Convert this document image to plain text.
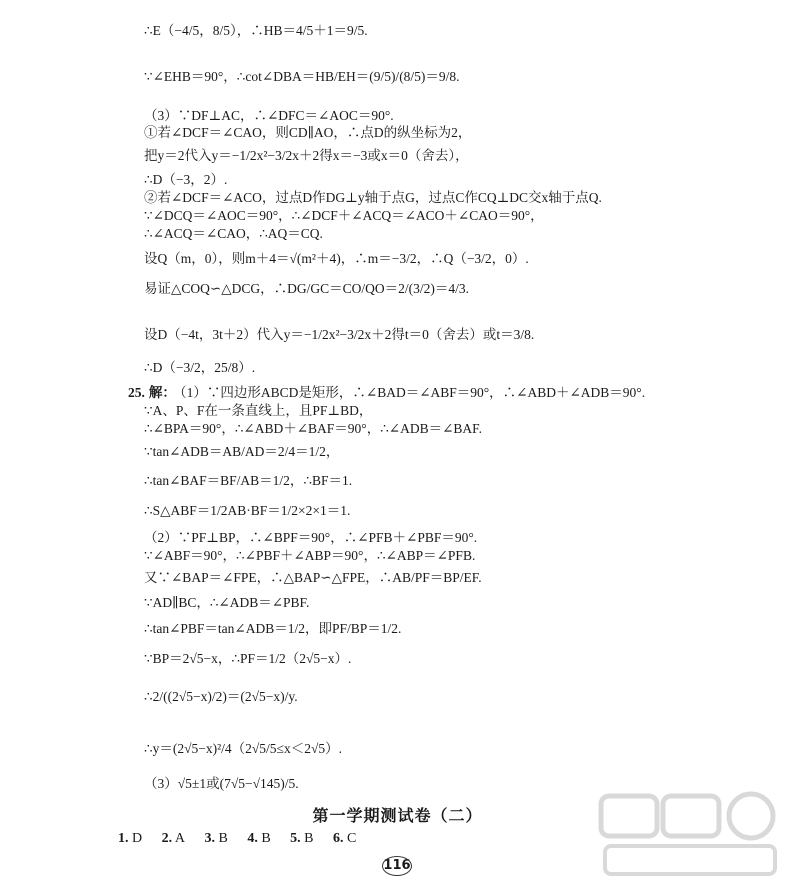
∴E（−4/5，8/5），∴HB＝4/5＋1＝9/5.
∵∠EHB＝90°，∴cot∠DBA＝HB/EH＝(9/5)/(8/5)＝9/8.
（3）∵DF⊥AC，∴∠DFC＝∠AOC＝90°.
①若∠DCF＝∠CAO，则CD∥AO，∴点D的纵坐标为2，
把y＝2代入y＝−1/2x²−3/2x＋2得x＝−3或x＝0（舍去），
∴D（−3，2）.
②若∠DCF＝∠ACO，过点D作DG⊥y轴于点G，过点C作CQ⊥DC交x轴于点Q.
∵∠DCQ＝∠AOC＝90°，∴∠DCF＋∠ACQ＝∠ACO＋∠CAO＝90°，
∴∠ACQ＝∠CAO，∴AQ＝CQ.
设Q（m，0），则m＋4＝√(m²＋4)，∴m＝−3/2，∴Q（−3/2，0）.
易证△COQ∽△DCG，∴DG/GC＝CO/QO＝2/(3/2)＝4/3.
设D（−4t，3t＋2）代入y＝−1/2x²−3/2x＋2得t＝0（舍去）或t＝3/8.
∴D（−3/2，25/8）.
25. 解： （1）∵四边形ABCD是矩形，∴∠BAD＝∠ABF＝90°，∴∠ABD＋∠ADB＝90°.
∵A、P、F在一条直线上，且PF⊥BD，
∴∠BPA＝90°，∴∠ABD＋∠BAF＝90°，∴∠ADB＝∠BAF.
∵tan∠ADB＝AB/AD＝2/4＝1/2，
∴tan∠BAF＝BF/AB＝1/2，∴BF＝1.
∴S△ABF＝1/2AB·BF＝1/2×2×1＝1.
（2）∵PF⊥BP，∴∠BPF＝90°，∴∠PFB＋∠PBF＝90°.
∵∠ABF＝90°，∴∠PBF＋∠ABP＝90°，∴∠ABP＝∠PFB.
又∵∠BAP＝∠FPE，∴△BAP∽△FPE，∴AB/PF＝BP/EF.
∵AD∥BC，∴∠ADB＝∠PBF.
∴tan∠PBF＝tan∠ADB＝1/2，即PF/BP＝1/2.
∵BP＝2√5−x，∴PF＝1/2（2√5−x）.
∴2/((2√5−x)/2)＝(2√5−x)/y.
∴y＝(2√5−x)²/4（2√5/5≤x＜2√5）.
（3）√5±1或(7√5−√145)/5.
第一学期测试卷（二）
1. D 2. A 3. B 4. B 5. B 6. C
116
